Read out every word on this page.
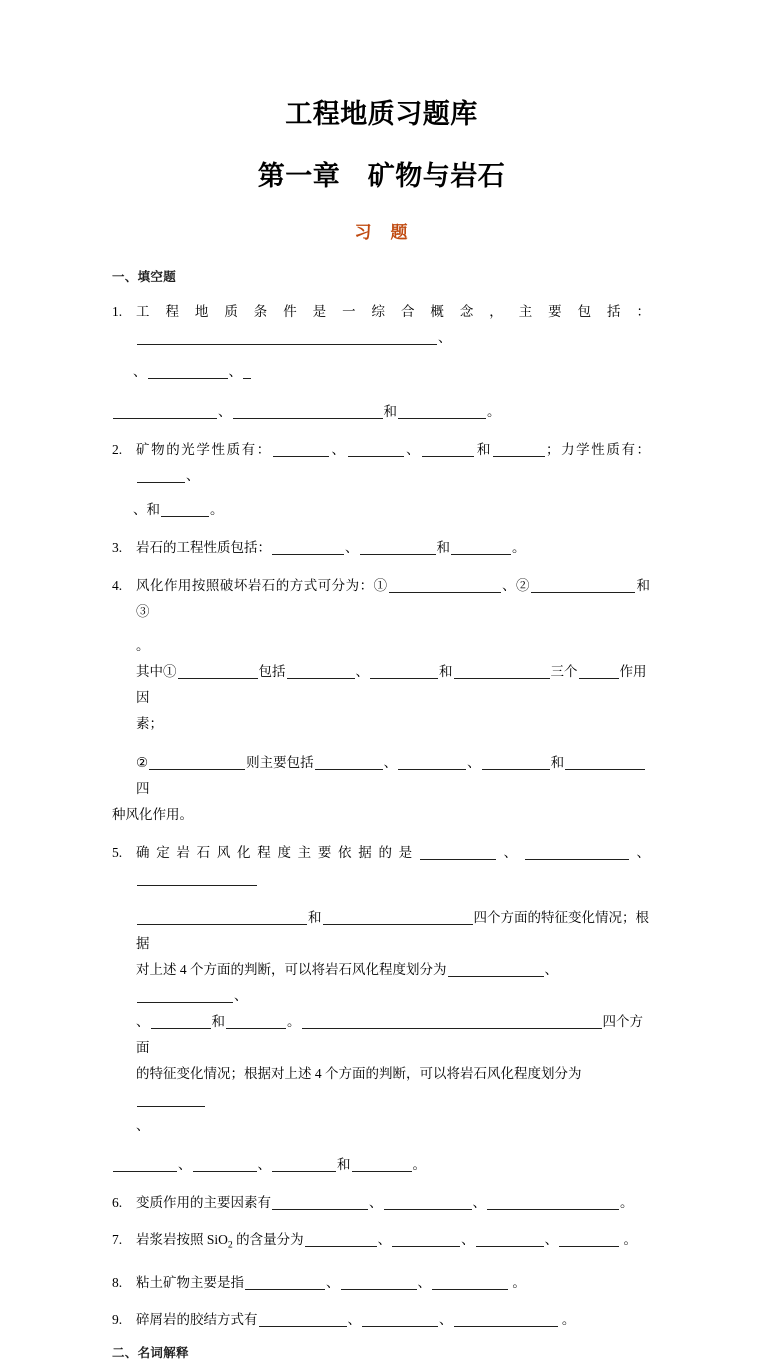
工程地质习题库
第一章　矿物与岩石
习　题
一、填空题
1.	工程地质条件是一综合概念，主要包括：、
、	、
、	和	。
2.	矿物的光学性质有：	、	、	和	；力学性质有：、
、和	。
3.	岩石的工程性质包括：	、	和	。
4.	风化作用按照破坏岩石的方式可分为：①	、②	和③
。
其中①	包括	、	和	三个	作用因
素；
②	则主要包括	、	、	和四
种风化作用。
5.	确定岩石风化程度主要依据的是	、	、
和	四个方面的特征变化情况；根据
对上述 4 个方面的判断，可以将岩石风化程度划分为	、、
、	和	。	四个方面
的特征变化情况；根据对上述 4 个方面的判断，可以将岩石风化程度划分为
、
、	、	和	。
6.	变质作用的主要因素有	、	、	。
7.	岩浆岩按照 SiO$_2$ 的含量分为	、	、	、	。
8.	粘土矿物主要是指	、	、	。
9.	碎屑岩的胶结方式有	、	、	。
二、名词解释
